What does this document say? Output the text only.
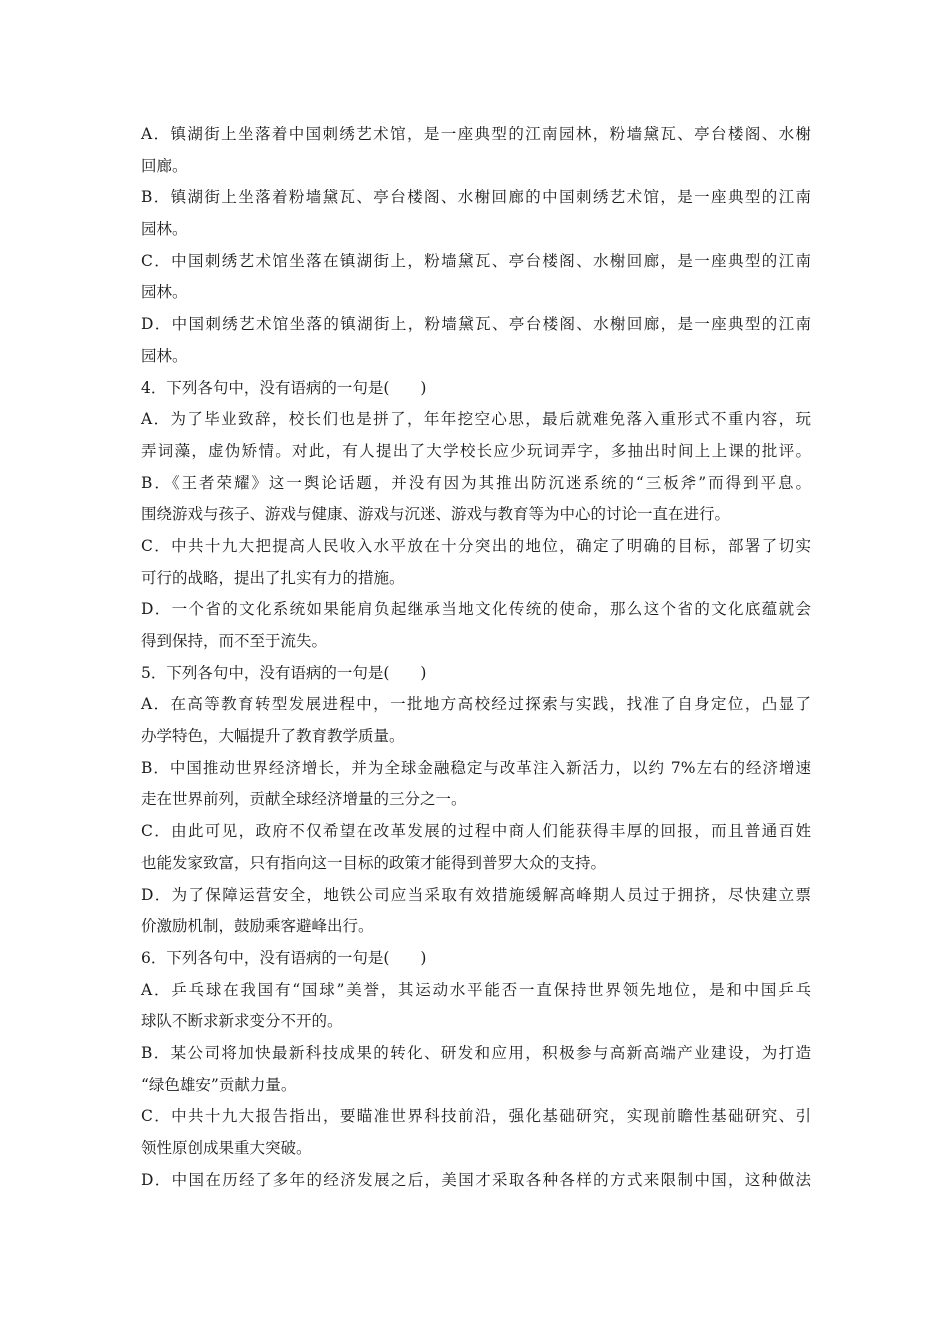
A．镇湖街上坐落着中国刺绣艺术馆，是一座典型的江南园林，粉墙黛瓦、亭台楼阁、水榭
回廊。
B．镇湖街上坐落着粉墙黛瓦、亭台楼阁、水榭回廊的中国刺绣艺术馆，是一座典型的江南
园林。
C．中国刺绣艺术馆坐落在镇湖街上，粉墙黛瓦、亭台楼阁、水榭回廊，是一座典型的江南
园林。
D．中国刺绣艺术馆坐落的镇湖街上，粉墙黛瓦、亭台楼阁、水榭回廊，是一座典型的江南
园林。
4．下列各句中，没有语病的一句是(　　)
A．为了毕业致辞，校长们也是拼了，年年挖空心思，最后就难免落入重形式不重内容，玩
弄词藻，虚伪矫情。对此，有人提出了大学校长应少玩词弄字，多抽出时间上上课的批评。
B．《王者荣耀》这一舆论话题，并没有因为其推出防沉迷系统的“三板斧”而得到平息。
围绕游戏与孩子、游戏与健康、游戏与沉迷、游戏与教育等为中心的讨论一直在进行。
C．中共十九大把提高人民收入水平放在十分突出的地位，确定了明确的目标，部署了切实
可行的战略，提出了扎实有力的措施。
D．一个省的文化系统如果能肩负起继承当地文化传统的使命，那么这个省的文化底蕴就会
得到保持，而不至于流失。
5．下列各句中，没有语病的一句是(　　)
A．在高等教育转型发展进程中，一批地方高校经过探索与实践，找准了自身定位，凸显了
办学特色，大幅提升了教育教学质量。
B．中国推动世界经济增长，并为全球金融稳定与改革注入新活力，以约 7%左右的经济增速
走在世界前列，贡献全球经济增量的三分之一。
C．由此可见，政府不仅希望在改革发展的过程中商人们能获得丰厚的回报，而且普通百姓
也能发家致富，只有指向这一目标的政策才能得到普罗大众的支持。
D．为了保障运营安全，地铁公司应当采取有效措施缓解高峰期人员过于拥挤，尽快建立票
价激励机制，鼓励乘客避峰出行。
6．下列各句中，没有语病的一句是(　　)
A．乒乓球在我国有“国球”美誉，其运动水平能否一直保持世界领先地位，是和中国乒乓
球队不断求新求变分不开的。
B．某公司将加快最新科技成果的转化、研发和应用，积极参与高新高端产业建设，为打造
“绿色雄安”贡献力量。
C．中共十九大报告指出，要瞄准世界科技前沿，强化基础研究，实现前瞻性基础研究、引
领性原创成果重大突破。
D．中国在历经了多年的经济发展之后，美国才采取各种各样的方式来限制中国，这种做法
